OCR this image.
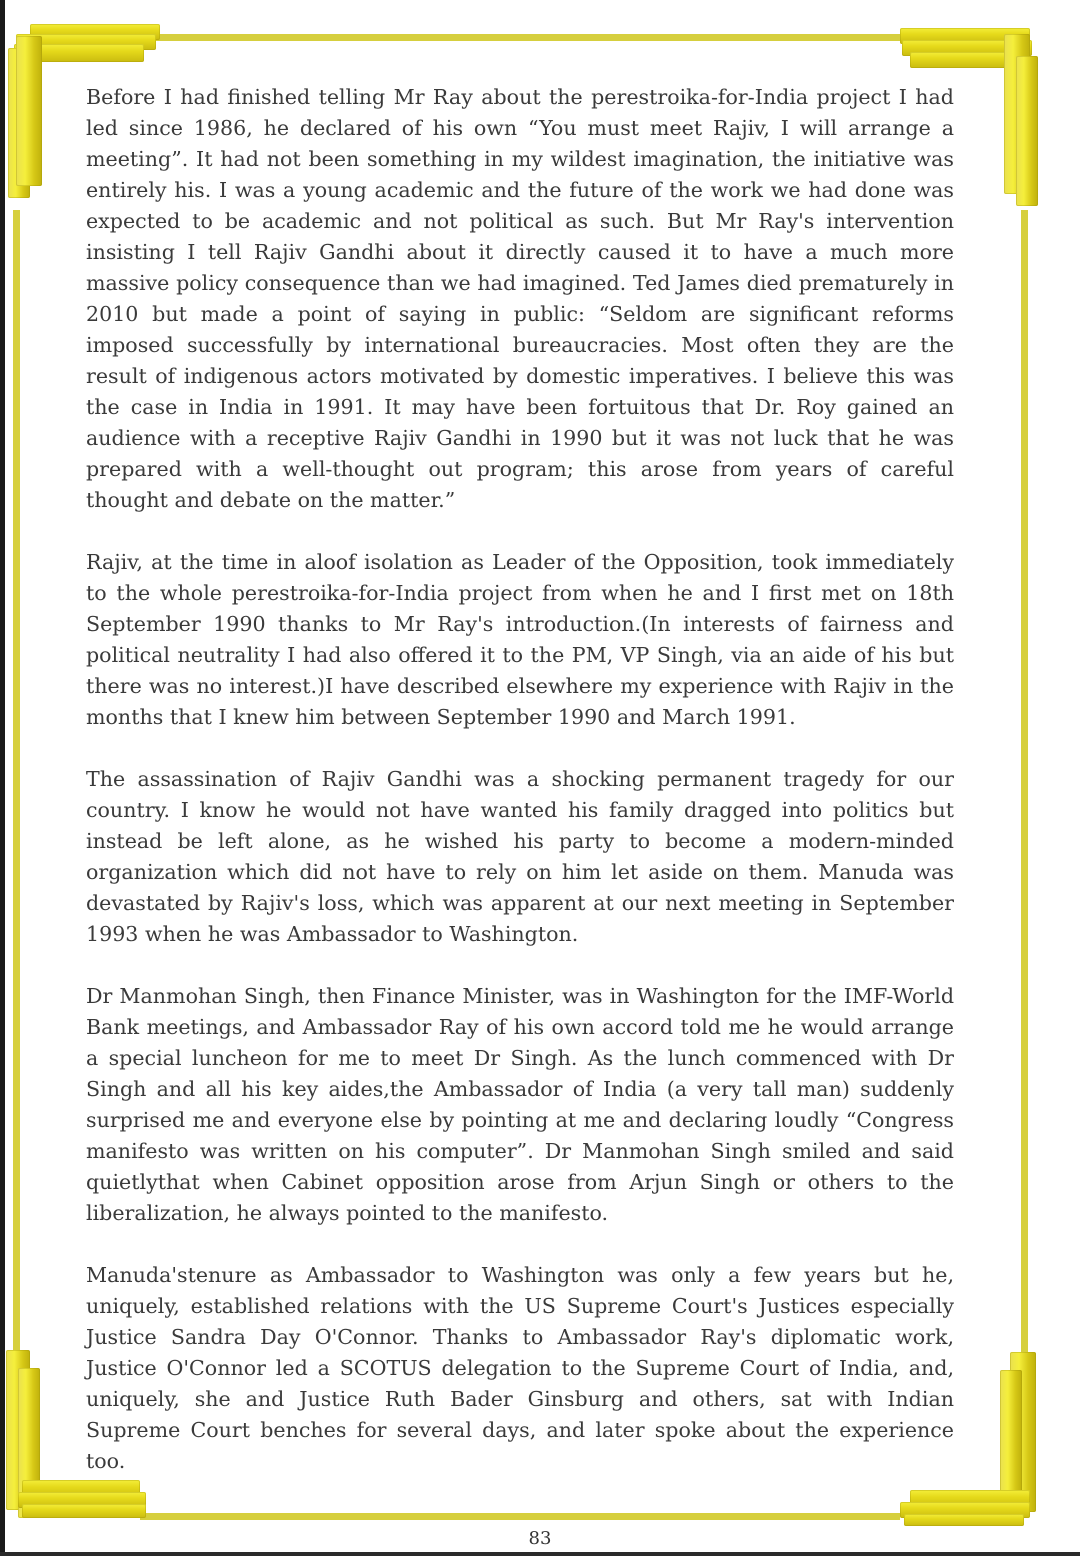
Before I had finished telling Mr Ray about the perestroika-for-India project I had led since 1986, he declared of his own “You must meet Rajiv, I will arrange a meeting”. It had not been something in my wildest imagination, the initiative was entirely his. I was a young academic and the future of the work we had done was expected to be academic and not political as such. But Mr Ray's intervention insisting I tell Rajiv Gandhi about it directly caused it to have a much more massive policy consequence than we had imagined. Ted James died prematurely in 2010 but made a point of saying in public: “Seldom are significant reforms imposed successfully by international bureaucracies. Most often they are the result of indigenous actors motivated by domestic imperatives. I believe this was the case in India in 1991. It may have been fortuitous that Dr. Roy gained an audience with a receptive Rajiv Gandhi in 1990 but it was not luck that he was prepared with a well-thought out program; this arose from years of careful thought and debate on the matter.”

Rajiv, at the time in aloof isolation as Leader of the Opposition, took immediately to the whole perestroika-for-India project from when he and I first met on 18th September 1990 thanks to Mr Ray's introduction.(In interests of fairness and political neutrality I had also offered it to the PM, VP Singh, via an aide of his but there was no interest.)I have described elsewhere my experience with Rajiv in the months that I knew him between September 1990 and March 1991.

The assassination of Rajiv Gandhi was a shocking permanent tragedy for our country. I know he would not have wanted his family dragged into politics but instead be left alone, as he wished his party to become a modern-minded organization which did not have to rely on him let aside on them. Manuda was devastated by Rajiv's loss, which was apparent at our next meeting in September 1993 when he was Ambassador to Washington.

Dr Manmohan Singh, then Finance Minister, was in Washington for the IMF-World Bank meetings, and Ambassador Ray of his own accord told me he would arrange a special luncheon for me to meet Dr Singh. As the lunch commenced with Dr Singh and all his key aides,the Ambassador of India (a very tall man) suddenly surprised me and everyone else by pointing at me and declaring loudly “Congress manifesto was written on his computer”. Dr Manmohan Singh smiled and said quietlythat when Cabinet opposition arose from Arjun Singh or others to the liberalization, he always pointed to the manifesto.

Manuda'stenure as Ambassador to Washington was only a few years but he, uniquely, established relations with the US Supreme Court's Justices especially Justice Sandra Day O'Connor. Thanks to Ambassador Ray's diplomatic work, Justice O'Connor led a SCOTUS delegation to the Supreme Court of India, and, uniquely, she and Justice Ruth Bader Ginsburg and others, sat with Indian Supreme Court benches for several days, and later spoke about the experience too.

83
